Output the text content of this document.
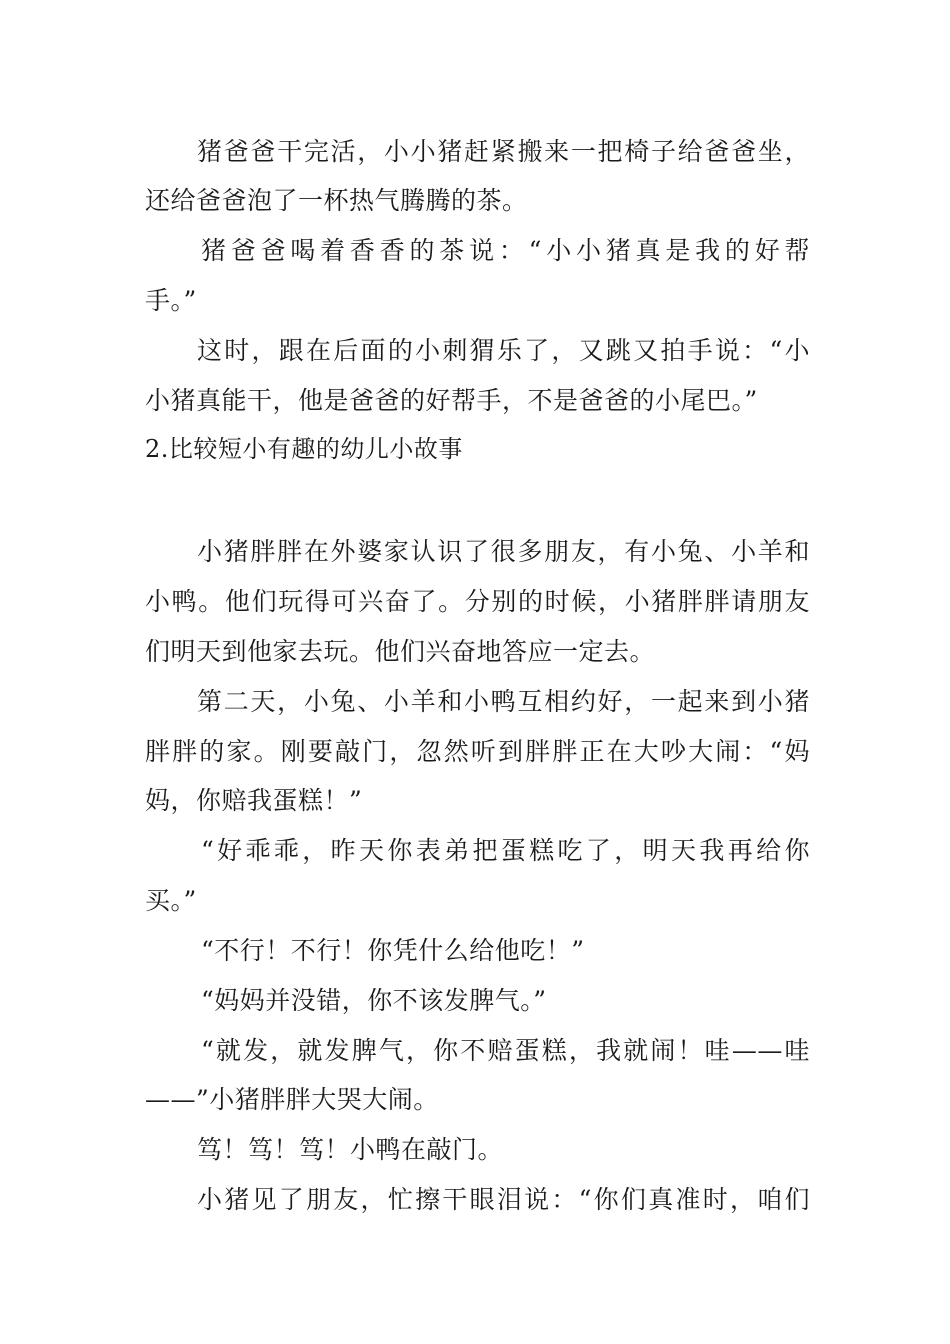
猪爸爸干完活，小小猪赶紧搬来一把椅子给爸爸坐，
还给爸爸泡了一杯热气腾腾的茶。
猪爸爸喝着香香的茶说：“小小猪真是我的好帮
手。”
这时，跟在后面的小刺猬乐了，又跳又拍手说：“小
小猪真能干，他是爸爸的好帮手，不是爸爸的小尾巴。”
2.比较短小有趣的幼儿小故事
小猪胖胖在外婆家认识了很多朋友，有小兔、小羊和
小鸭。他们玩得可兴奋了。分别的时候，小猪胖胖请朋友
们明天到他家去玩。他们兴奋地答应一定去。
第二天，小兔、小羊和小鸭互相约好，一起来到小猪
胖胖的家。刚要敲门，忽然听到胖胖正在大吵大闹：“妈
妈，你赔我蛋糕！”
“好乖乖，昨天你表弟把蛋糕吃了，明天我再给你
买。”
“不行！不行！你凭什么给他吃！”
“妈妈并没错，你不该发脾气。”
“就发，就发脾气，你不赔蛋糕，我就闹！哇——哇
——”小猪胖胖大哭大闹。
笃！笃！笃！小鸭在敲门。
小猪见了朋友，忙擦干眼泪说：“你们真准时，咱们
